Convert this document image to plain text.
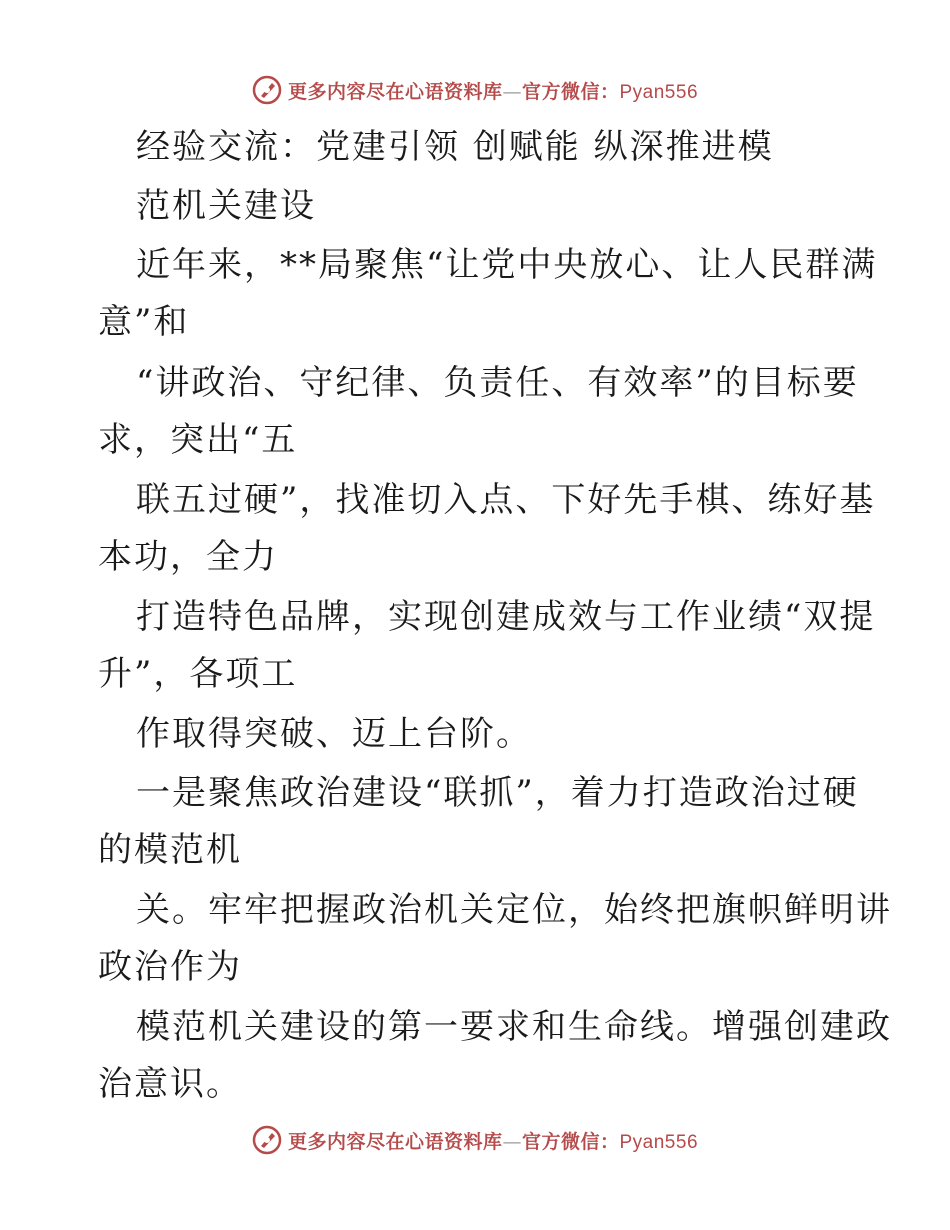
更多内容尽在心语资料库—官方微信：Pyan556
经验交流：党建引领 创赋能 纵深推进模
范机关建设
近年来，**局聚焦“让党中央放心、让人民群满
意”和
“讲政治、守纪律、负责任、有效率”的目标要
求，突出“五
联五过硬”，找准切入点、下好先手棋、练好基
本功，全力
打造特色品牌，实现创建成效与工作业绩“双提
升”，各项工
作取得突破、迈上台阶。
一是聚焦政治建设“联抓”，着力打造政治过硬
的模范机
关。牢牢把握政治机关定位，始终把旗帜鲜明讲
政治作为
模范机关建设的第一要求和生命线。增强创建政
治意识。
更多内容尽在心语资料库—官方微信：Pyan556
